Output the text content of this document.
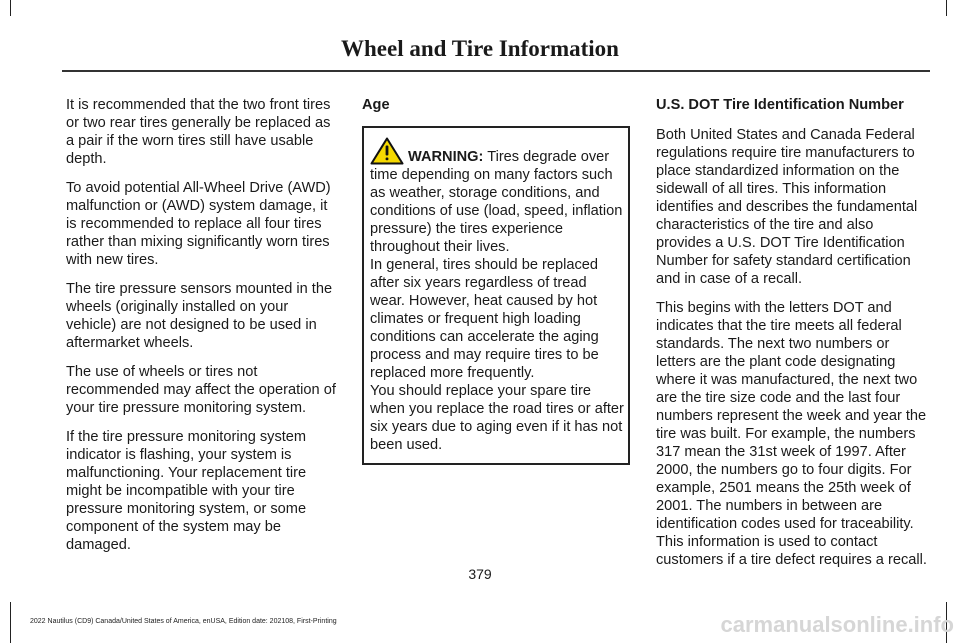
Wheel and Tire Information

It is recommended that the two front tires or two rear tires generally be replaced as a pair if the worn tires still have usable depth.

To avoid potential All-Wheel Drive (AWD) malfunction or (AWD) system damage, it is recommended to replace all four tires rather than mixing significantly worn tires with new tires.

The tire pressure sensors mounted in the wheels (originally installed on your vehicle) are not designed to be used in aftermarket wheels.

The use of wheels or tires not recommended may affect the operation of your tire pressure monitoring system.

If the tire pressure monitoring system indicator is flashing, your system is malfunctioning. Your replacement tire might be incompatible with your tire pressure monitoring system, or some component of the system may be damaged.

Age

WARNING: Tires degrade over time depending on many factors such as weather, storage conditions, and conditions of use (load, speed, inflation pressure) the tires experience throughout their lives.

In general, tires should be replaced after six years regardless of tread wear. However, heat caused by hot climates or frequent high loading conditions can accelerate the aging process and may require tires to be replaced more frequently.

You should replace your spare tire when you replace the road tires or after six years due to aging even if it has not been used.

U.S. DOT Tire Identification Number

Both United States and Canada Federal regulations require tire manufacturers to place standardized information on the sidewall of all tires. This information identifies and describes the fundamental characteristics of the tire and also provides a U.S. DOT Tire Identification Number for safety standard certification and in case of a recall.

This begins with the letters DOT and indicates that the tire meets all federal standards. The next two numbers or letters are the plant code designating where it was manufactured, the next two are the tire size code and the last four numbers represent the week and year the tire was built. For example, the numbers 317 mean the 31st week of 1997. After 2000, the numbers go to four digits. For example, 2501 means the 25th week of 2001. The numbers in between are identification codes used for traceability. This information is used to contact customers if a tire defect requires a recall.

379
2022 Nautilus (CD9) Canada/United States of America, enUSA, Edition date: 202108, First-Printing	carmanualsonline.info
